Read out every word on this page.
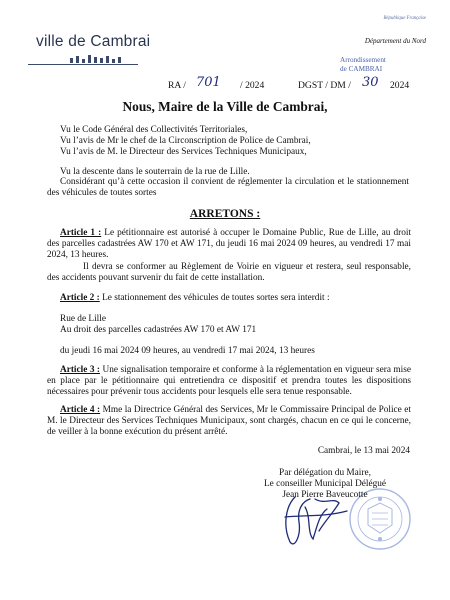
ville de Cambrai
République Française
Département du Nord
Arrondissement
de CAMBRAI
RA / 701 / 2024	DGST / DM / 30 2024
Nous, Maire de la Ville de Cambrai,
Vu le Code Général des Collectivités Territoriales,
Vu l’avis de Mr le chef de la Circonscription de Police de Cambrai,
Vu l’avis de M. le Directeur des Services Techniques Municipaux,
Vu la descente dans le souterrain de la rue de Lille.
Considérant qu’à cette occasion il convient de réglementer la circulation et le stationnement des véhicules de toutes sortes
ARRETONS :
Article 1 : Le pétitionnaire est autorisé à occuper le Domaine Public, Rue de Lille, au droit des parcelles cadastrées AW 170 et AW 171, du jeudi 16 mai 2024 09 heures, au vendredi 17 mai 2024, 13 heures.
Il devra se conformer au Règlement de Voirie en vigueur et restera, seul responsable, des accidents pouvant survenir du fait de cette installation.
Article 2 : Le stationnement des véhicules de toutes sortes sera interdit :
Rue de Lille
Au droit des parcelles cadastrées AW 170 et AW 171
du jeudi 16 mai 2024 09 heures, au vendredi 17 mai 2024, 13 heures
Article 3 : Une signalisation temporaire et conforme à la réglementation en vigueur sera mise en place par le pétitionnaire qui entretiendra ce dispositif et prendra toutes les dispositions nécessaires pour prévenir tous accidents pour lesquels elle sera tenue responsable.
Article 4 : Mme la Directrice Général des Services, Mr le Commissaire Principal de Police et M. le Directeur des Services Techniques Municipaux, sont chargés, chacun en ce qui le concerne, de veiller à la bonne exécution du présent arrêté.
Cambrai, le 13 mai 2024
Par délégation du Maire,
Le conseiller Municipal Délégué
Jean Pierre Baveucotte
